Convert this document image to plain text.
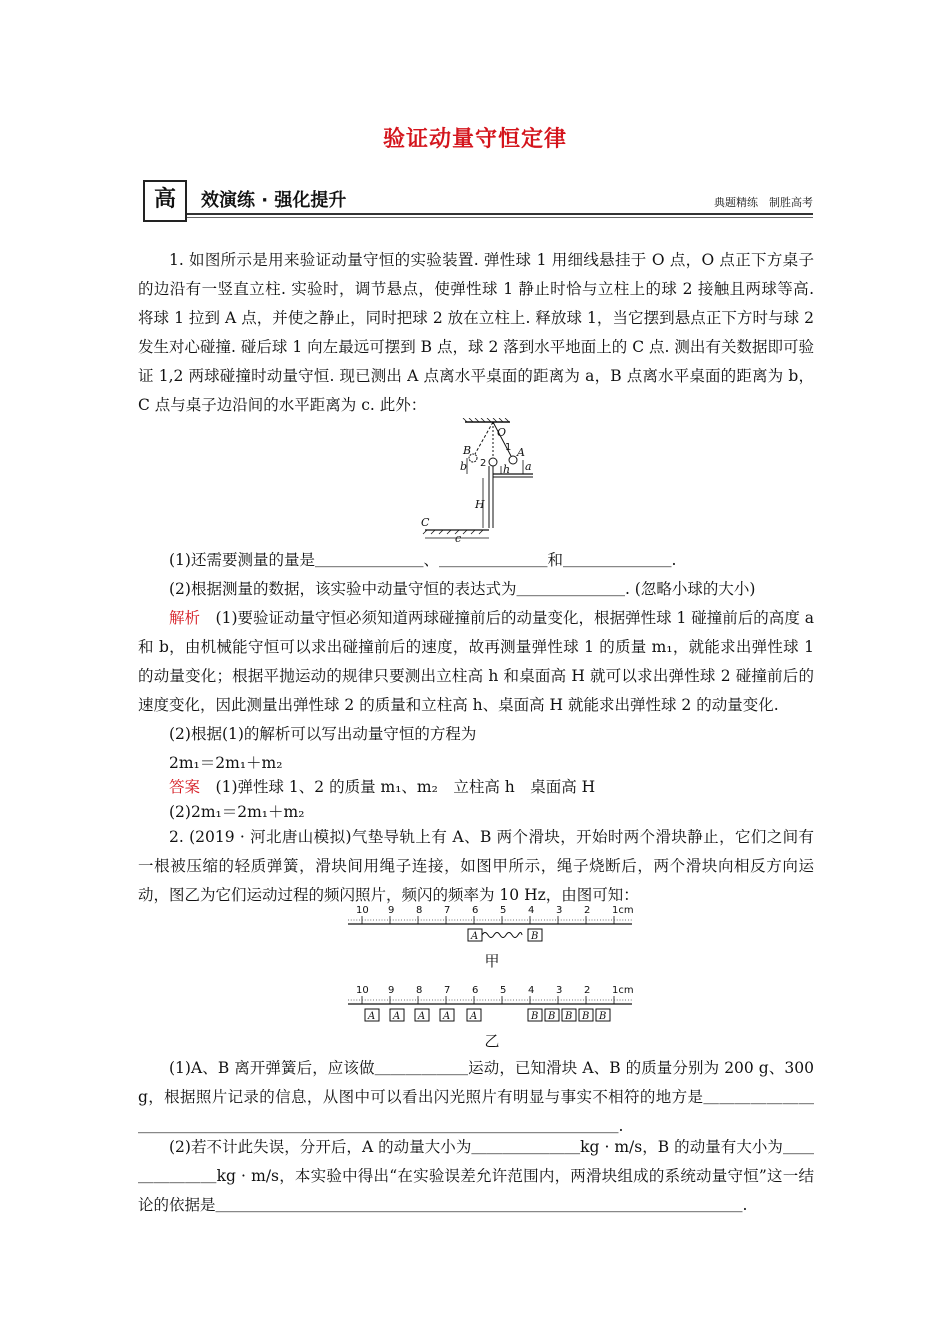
验证动量守恒定律
高	效演练 · 强化提升	典题精练　制胜高考

1. 如图所示是用来验证动量守恒的实验装置. 弹性球 1 用细线悬挂于 O 点，O 点正下方桌子的边沿有一竖直立柱. 实验时，调节悬点，使弹性球 1 静止时恰与立柱上的球 2 接触且两球等高. 将球 1 拉到 A 点，并使之静止，同时把球 2 放在立柱上. 释放球 1，当它摆到悬点正下方时与球 2 发生对心碰撞. 碰后球 1 向左最远可摆到 B 点，球 2 落到水平地面上的 C 点. 测出有关数据即可验证 1,2 两球碰撞时动量守恒. 现已测出 A 点离水平桌面的距离为 a，B 点离水平桌面的距离为 b，C 点与桌子边沿间的水平距离为 c. 此外：

O
A
B
C
a
b	h
H
c
1
2

(1)还需要测量的量是＿＿＿＿＿＿＿、＿＿＿＿＿＿＿和＿＿＿＿＿＿＿.

(2)根据测量的数据，该实验中动量守恒的表达式为＿＿＿＿＿＿＿. (忽略小球的大小)

解析　 (1)要验证动量守恒必须知道两球碰撞前后的动量变化，根据弹性球 1 碰撞前后的高度 a 和 b，由机械能守恒可以求出碰撞前后的速度，故再测量弹性球 1 的质量 m₁，就能求出弹性球 1 的动量变化；根据平抛运动的规律只要测出立柱高 h 和桌面高 H 就可以求出弹性球 2 碰撞前后的速度变化，因此测量出弹性球 2 的质量和立柱高 h、桌面高 H 就能求出弹性球 2 的动量变化.

(2)根据(1)的解析可以写出动量守恒的方程为

2m₁＝2m₁＋m₂

答案　 (1)弹性球 1、2 的质量 m₁、m₂　立柱高 h　桌面高 H

(2)2m₁＝2m₁＋m₂

2. (2019 · 河北唐山模拟)气垫导轨上有 A、B 两个滑块，开始时两个滑块静止，它们之间有一根被压缩的轻质弹簧，滑块间用绳子连接，如图甲所示，绳子烧断后，两个滑块向相反方向运动，图乙为它们运动过程的频闪照片，频闪的频率为 10 Hz，由图可知：

10 9 8 7 6 5 4 3 2 1cm
A	B
甲
10 9 8 7 6 5 4 3 2 1cm
A A A A A	B B B B B
乙

(1)A、B 离开弹簧后，应该做＿＿＿＿＿＿运动，已知滑块 A、B 的质量分别为 200 g、300 g，根据照片记录的信息，从图中可以看出闪光照片有明显与事实不相符的地方是＿＿＿＿＿＿＿＿＿＿＿＿＿＿＿＿＿＿＿＿＿＿＿＿＿＿＿＿＿＿＿＿＿＿＿＿＿＿.

(2)若不计此失误，分开后，A 的动量大小为＿＿＿＿＿＿＿kg · m/s，B 的动量有大小为＿＿＿＿＿＿＿kg · m/s，本实验中得出“在实验误差允许范围内，两滑块组成的系统动量守恒”这一结论的依据是＿＿＿＿＿＿＿＿＿＿＿＿＿＿＿＿＿＿＿＿＿＿＿＿＿＿＿＿＿＿＿＿＿＿.
